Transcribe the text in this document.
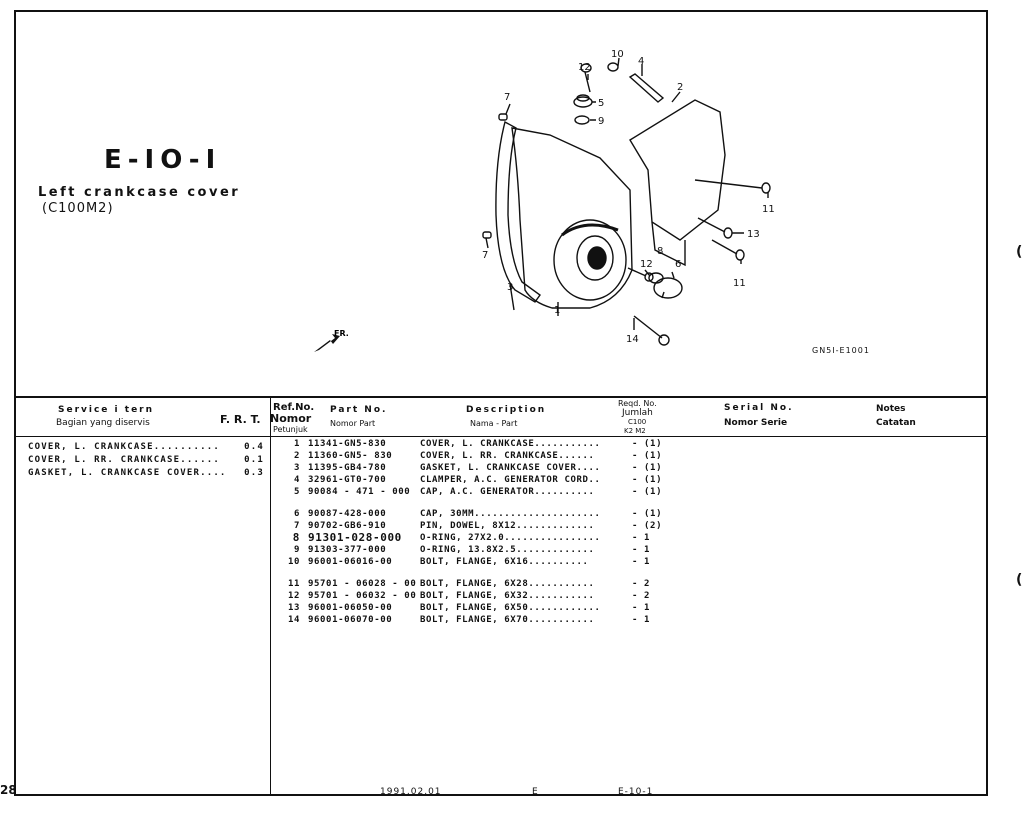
E-IO-I
Left crankcase cover
(C100M2)
10
4
12
2
7
5
9
11
13
8
6
12
7
3	11
1
14
FR.
GN5I-E1001
Service i tern
Bagian yang diservis	F. R. T.
Ref.No.
Nomor
Petunjuk
Part No.
Nomor Part
Description
Nama - Part
Reqd. No.
Jumlah
C100
K2 M2
Serial No.
Nomor Serie
Notes
Catatan
COVER, L. CRANKCASE..........	0.4
COVER, L. RR. CRANKCASE......	0.1
GASKET, L. CRANKCASE COVER....	0.3
1 11341-GN5-830	COVER, L. CRANKCASE...........	- (1)
2 11360-GN5- 830	COVER, L. RR. CRANKCASE......	- (1)
3 11395-GB4-780	GASKET, L. CRANKCASE COVER....	- (1)
4 32961-GT0-700	CLAMPER, A.C. GENERATOR CORD..	- (1)
5 90084 - 471 - 000	CAP, A.C. GENERATOR..........	- (1)
6 90087-428-000	CAP, 30MM.....................	- (1)
7 90702-GB6-910	PIN, DOWEL, 8X12.............	- (2)
8 91301-028-000	O-RING, 27X2.0................	- 1
9 91303-377-000	O-RING, 13.8X2.5.............	- 1
10 96001-06016-00	BOLT, FLANGE, 6X16..........	- 1
11 95701 - 06028 - 00 BOLT, FLANGE, 6X28...........	- 2
12 95701 - 06032 - 00 BOLT, FLANGE, 6X32...........	- 2
13 96001-06050-00	BOLT, FLANGE, 6X50............	- 1
14 96001-06070-00	BOLT, FLANGE, 6X70...........	- 1
1991.02.01	E	E-10-1
28
(
(
